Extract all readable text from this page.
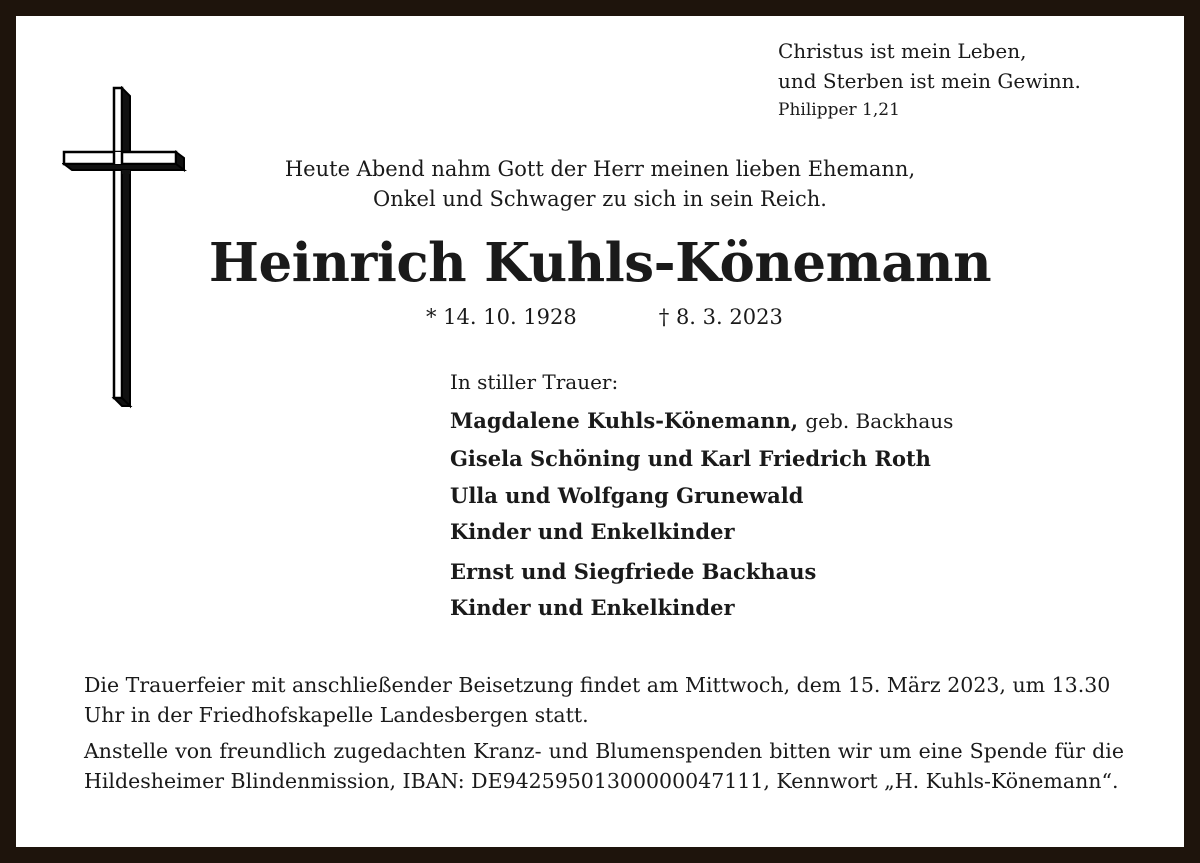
Christus ist mein Leben,
und Sterben ist mein Gewinn.
Philipper 1,21
Heute Abend nahm Gott der Herr meinen lieben Ehemann,
Onkel und Schwager zu sich in sein Reich.
Heinrich Kuhls-Könemann
* 14. 10. 1928	† 8. 3. 2023
In stiller Trauer:
Magdalene Kuhls-Könemann, geb. Backhaus
Gisela Schöning und Karl Friedrich Roth
Ulla und Wolfgang Grunewald
Kinder und Enkelkinder
Ernst und Siegfriede Backhaus
Kinder und Enkelkinder

Die Trauerfeier mit anschließender Beisetzung findet am Mittwoch, dem 15. März 2023, um 13.30 Uhr in der Friedhofskapelle Landesbergen statt.

Anstelle von freundlich zugedachten Kranz- und Blumenspenden bitten wir um eine Spende für die Hildesheimer Blindenmission, IBAN: DE94259501300000047111, Kennwort „H. Kuhls-Könemann“.
